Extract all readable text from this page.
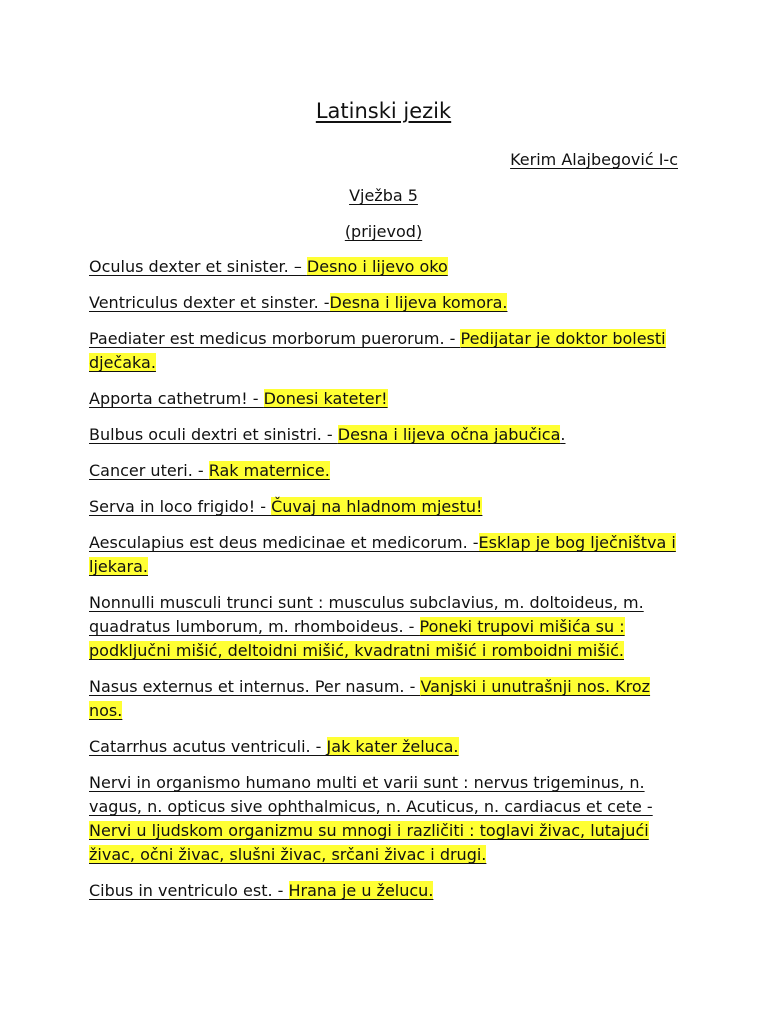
Latinski jezik
Kerim Alajbegović I-c
Vježba 5
(prijevod)

Oculus dexter et sinister. – Desno i lijevo oko

Ventriculus dexter et sinster. -Desna i lijeva komora.

Paediater est medicus morborum puerorum. - Pedijatar je doktor bolesti dječaka.

Apporta cathetrum! - Donesi kateter!

Bulbus oculi dextri et sinistri. - Desna i lijeva očna jabučica.

Cancer uteri. - Rak maternice.

Serva in loco frigido! - Čuvaj na hladnom mjestu!

Aesculapius est deus medicinae et medicorum. -Esklap je bog lječništva i ljekara.

Nonnulli musculi trunci sunt : musculus subclavius, m. doltoideus, m. quadratus lumborum, m. rhomboideus. - Poneki trupovi mišića su : podključni mišić, deltoidni mišić, kvadratni mišić i romboidni mišić.

Nasus externus et internus. Per nasum. - Vanjski i unutrašnji nos. Kroz nos.

Catarrhus acutus ventriculi. - Jak kater želuca.

Nervi in organismo humano multi et varii sunt : nervus trigeminus, n. vagus, n. opticus sive ophthalmicus, n. Acuticus, n. cardiacus et cete - Nervi u ljudskom organizmu su mnogi i različiti : toglavi živac, lutajući živac, očni živac, slušni živac, srčani živac i drugi.

Cibus in ventriculo est. - Hrana je u želucu.
